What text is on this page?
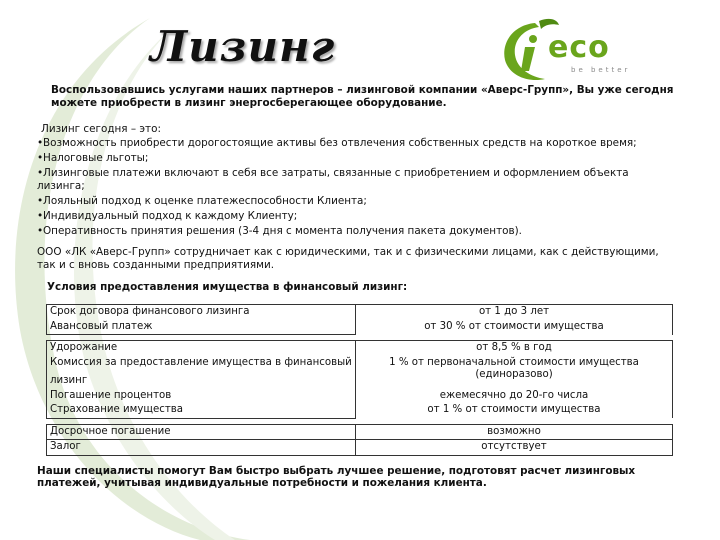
Лизинг	eco
be better

Воспользовавшись услугами наших партнеров – лизинговой компании «Аверс-Групп», Вы уже сегодня можете приобрести в лизинг энергосберегающее оборудование.

Лизинг сегодня – это:

•Возможность приобрести дорогостоящие активы без отвлечения собственных средств на короткое время;
•Налоговые льготы;
•Лизинговые платежи включают в себя все затраты, связанные с приобретением и оформлением объекта лизинга;
•Лояльный подход к оценке платежеспособности Клиента;
•Индивидуальный подход к каждому Клиенту;
•Оперативность принятия решения (3-4 дня с момента получения пакета документов).

ООО «ЛК «Аверс-Групп» сотрудничает как с юридическими, так и с физическими лицами, как с действующими, так и с вновь созданными предприятиями.

Условия предоставления имущества в финансовый лизинг:

Срок договора финансового лизинга	от 1 до 3 лет
Авансовый платеж	от 30 % от стоимости имущества

Удорожание	от 8,5 % в год

Комиссия за предоставление имущества в финансовый
лизинг	1 % от первоначальной стоимости имущества (единоразово)
Погашение процентов	ежемесячно до 20-го числа
Страхование имущества	от 1 % от стоимости имущества

Досрочное погашение	возможно
Залог	отсутствует

Наши специалисты помогут Вам быстро выбрать лучшее решение, подготовят расчет лизинговых платежей, учитывая индивидуальные потребности и пожелания клиента.
